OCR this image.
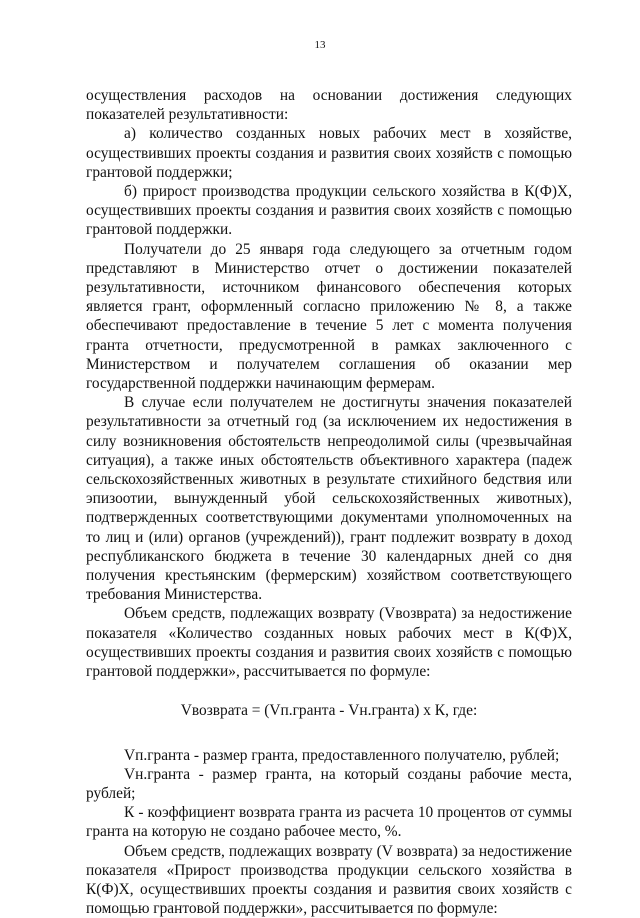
13

осуществления расходов на основании достижения следующих показателей результативности:

а) количество созданных новых рабочих мест в хозяйстве, осуществивших проекты создания и развития своих хозяйств с помощью грантовой поддержки;

б) прирост производства продукции сельского хозяйства в К(Ф)Х, осуществивших проекты создания и развития своих хозяйств с помощью грантовой поддержки.

Получатели до 25 января года следующего за отчетным годом представляют в Министерство отчет о достижении показателей результативности, источником финансового обеспечения которых является грант, оформленный согласно приложению № 8, а также обеспечивают предоставление в течение 5 лет с момента получения гранта отчетности, предусмотренной в рамках заключенного с Министерством и получателем соглашения об оказании мер государственной поддержки начинающим фермерам.

В случае если получателем не достигнуты значения показателей результативности за отчетный год (за исключением их недостижения в силу возникновения обстоятельств непреодолимой силы (чрезвычайная ситуация), а также иных обстоятельств объективного характера (падеж сельскохозяйственных животных в результате стихийного бедствия или эпизоотии, вынужденный убой сельскохозяйственных животных), подтвержденных соответствующими документами уполномоченных на то лиц и (или) органов (учреждений)), грант подлежит возврату в доход республиканского бюджета в течение 30 календарных дней со дня получения крестьянским (фермерским) хозяйством соответствующего требования Министерства.

Объем средств, подлежащих возврату (Vвозврата) за недостижение показателя «Количество созданных новых рабочих мест в К(Ф)Х, осуществивших проекты создания и развития своих хозяйств с помощью грантовой поддержки», рассчитывается по формуле:

Vвозврата = (Vп.гранта - Vн.гранта) х К, где:

Vп.гранта - размер гранта, предоставленного получателю, рублей;

Vн.гранта - размер гранта, на который созданы рабочие места, рублей;

К - коэффициент возврата гранта из расчета 10 процентов от суммы гранта на которую не создано рабочее место, %.

Объем средств, подлежащих возврату (V возврата) за недостижение показателя «Прирост производства продукции сельского хозяйства в К(Ф)Х, осуществивших проекты создания и развития своих хозяйств с помощью грантовой поддержки», рассчитывается по формуле:
